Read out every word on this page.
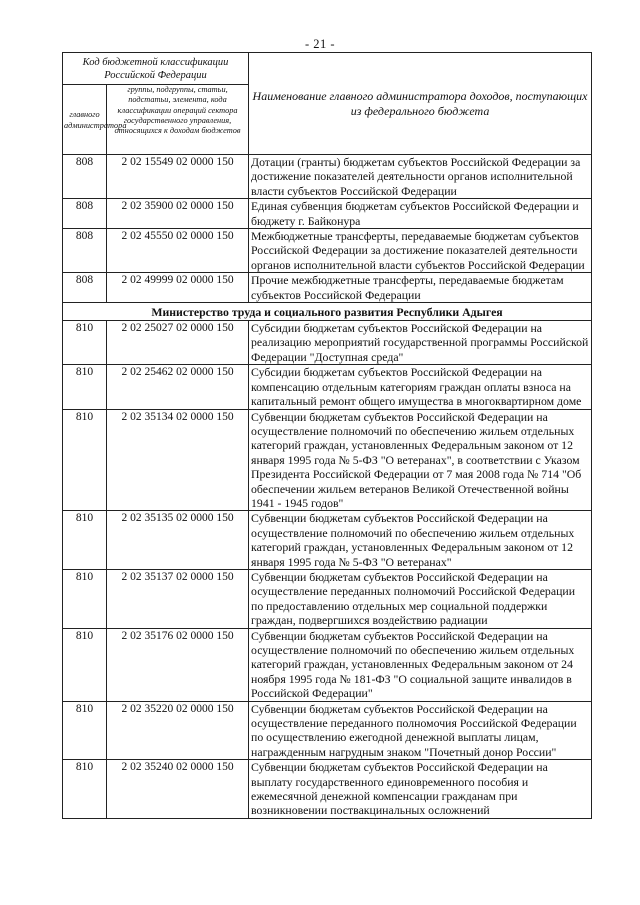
- 21 -
Код бюджетной классификации Российской Федерации		Наименование главного администратора доходов, поступающих из федерального бюджета
главного администратора	группы, подгруппы, статьи, подстатьи, элемента, кода классификации операций сектора государственного управления, относящихся к доходам бюджетов	
808	2 02 15549 02 0000 150	Дотации (гранты) бюджетам субъектов Российской Федерации за достижение показателей деятельности органов исполнительной власти субъектов Российской Федерации
808	2 02 35900 02 0000 150	Единая субвенция бюджетам субъектов Российской Федерации и бюджету г. Байконура
808	2 02 45550 02 0000 150	Межбюджетные трансферты, передаваемые бюджетам субъектов Российской Федерации за достижение показателей деятельности органов исполнительной власти субъектов Российской Федерации
808	2 02 49999 02 0000 150	Прочие межбюджетные трансферты, передаваемые бюджетам субъектов Российской Федерации
Министерство труда и социального развития Республики Адыгея		
810	2 02 25027 02 0000 150	Субсидии бюджетам субъектов Российской Федерации на реализацию мероприятий государственной программы Российской Федерации "Доступная среда"
810	2 02 25462 02 0000 150	Субсидии бюджетам субъектов Российской Федерации на компенсацию отдельным категориям граждан оплаты взноса на капитальный ремонт общего имущества в многоквартирном доме
810	2 02 35134 02 0000 150	Субвенции бюджетам субъектов Российской Федерации на осуществление полномочий по обеспечению жильем отдельных категорий граждан, установленных Федеральным законом от 12 января 1995 года № 5-ФЗ "О ветеранах", в соответствии с Указом Президента Российской Федерации от 7 мая 2008 года № 714 "Об обеспечении жильем ветеранов Великой Отечественной войны 1941 - 1945 годов"
810	2 02 35135 02 0000 150	Субвенции бюджетам субъектов Российской Федерации на осуществление полномочий по обеспечению жильем отдельных категорий граждан, установленных Федеральным законом от 12 января 1995 года № 5-ФЗ "О ветеранах"
810	2 02 35137 02 0000 150	Субвенции бюджетам субъектов Российской Федерации на осуществление переданных полномочий Российской Федерации по предоставлению отдельных мер социальной поддержки граждан, подвергшихся воздействию радиации
810	2 02 35176 02 0000 150	Субвенции бюджетам субъектов Российской Федерации на осуществление полномочий по обеспечению жильем отдельных категорий граждан, установленных Федеральным законом от 24 ноября 1995 года № 181-ФЗ "О социальной защите инвалидов в Российской Федерации"
810	2 02 35220 02 0000 150	Субвенции бюджетам субъектов Российской Федерации на осуществление переданного полномочия Российской Федерации по осуществлению ежегодной денежной выплаты лицам, награжденным нагрудным знаком "Почетный донор России"
810	2 02 35240 02 0000 150	Субвенции бюджетам субъектов Российской Федерации на выплату государственного единовременного пособия и ежемесячной денежной компенсации гражданам при возникновении поствакцинальных осложнений
